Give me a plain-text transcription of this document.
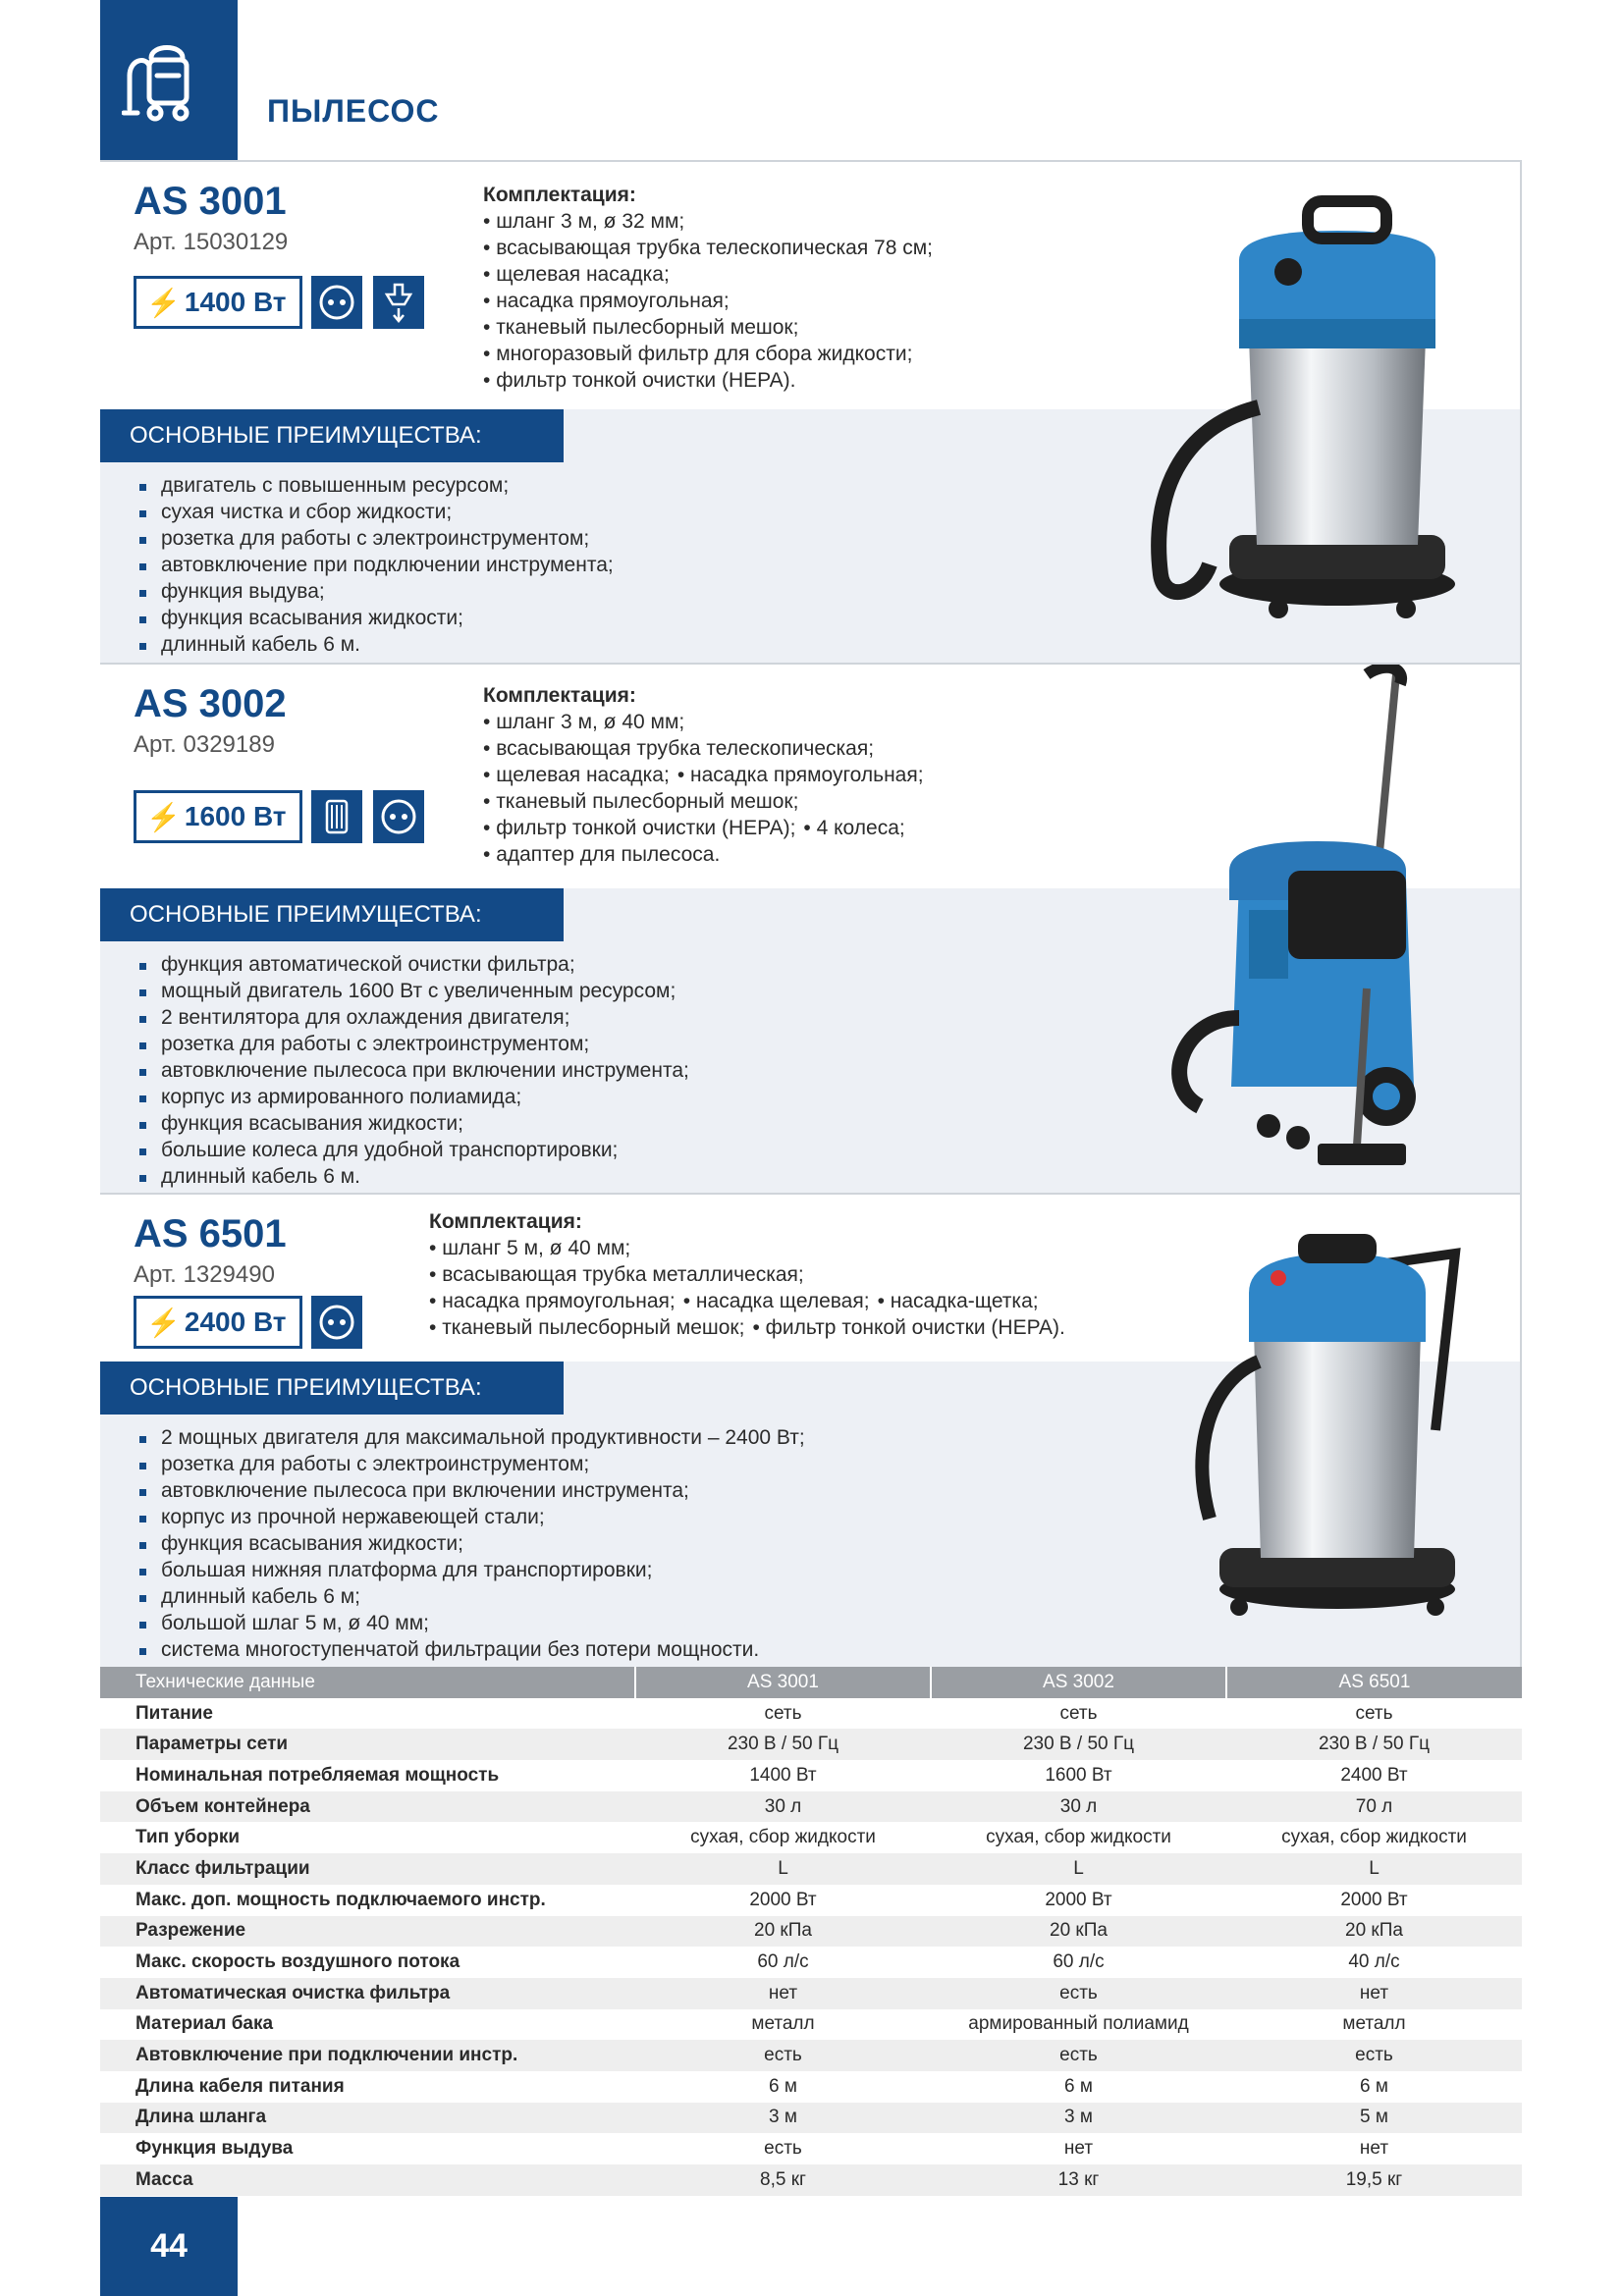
ПЫЛЕСОС
AS 3001
Арт. 15030129
⚡ 1400 Вт
Комплектация:
• шланг 3 м, ø 32 мм;
• всасывающая трубка телескопическая 78 см;
• щелевая насадка;
• насадка прямоугольная;
• тканевый пылесборный мешок;
• многоразовый фильтр для сбора жидкости;
• фильтр тонкой очистки (HEPA).
ОСНОВНЫЕ ПРЕИМУЩЕСТВА:
двигатель с повышенным ресурсом;
сухая чистка и сбор жидкости;
розетка для работы с электроинструментом;
автовключение при подключении инструмента;
функция выдува;
функция всасывания жидкости;
длинный кабель 6 м.
AS 3002
Арт. 0329189
⚡ 1600 Вт
Комплектация:
• шланг 3 м, ø 40 мм;
• всасывающая трубка телескопическая;
• щелевая насадка; • насадка прямоугольная;
• тканевый пылесборный мешок;
• фильтр тонкой очистки (HEPA); • 4 колеса;
• адаптер для пылесоса.
ОСНОВНЫЕ ПРЕИМУЩЕСТВА:
функция автоматической очистки фильтра;
мощный двигатель 1600 Вт с увеличенным ресурсом;
2 вентилятора для охлаждения двигателя;
розетка для работы с электроинструментом;
автовключение пылесоса при включении инструмента;
корпус из армированного полиамида;
функция всасывания жидкости;
большие колеса для удобной транспортировки;
длинный кабель 6 м.
AS 6501
Арт. 1329490
⚡ 2400 Вт
Комплектация:
• шланг 5 м, ø 40 мм;
• всасывающая трубка металлическая;
• насадка прямоугольная; • насадка щелевая; • насадка-щетка;
• тканевый пылесборный мешок; • фильтр тонкой очистки (HEPA).
ОСНОВНЫЕ ПРЕИМУЩЕСТВА:
2 мощных двигателя для максимальной продуктивности – 2400 Вт;
розетка для работы с электроинструментом;
автовключение пылесоса при включении инструмента;
корпус из прочной нержавеющей стали;
функция всасывания жидкости;
большая нижняя платформа для транспортировки;
длинный кабель 6 м;
большой шлаг 5 м, ø 40 мм;
система многоступенчатой фильтрации без потери мощности.
Технические данные	AS 3001	AS 3002	AS 6501
Питание	сеть	сеть	сеть
Параметры сети	230 В / 50 Гц	230 В / 50 Гц	230 В / 50 Гц
Номинальная потребляемая мощность	1400 Вт	1600 Вт	2400 Вт
Объем контейнера	30 л	30 л	70 л
Тип уборки	сухая, сбор жидкости	сухая, сбор жидкости	сухая, сбор жидкости
Класс фильтрации	L	L	L
Макс. доп. мощность подключаемого инстр.	2000 Вт	2000 Вт	2000 Вт
Разрежение	20 кПа	20 кПа	20 кПа
Макс. скорость воздушного потока	60 л/с	60 л/с	40 л/с
Автоматическая очистка фильтра	нет	есть	нет
Материал бака	металл	армированный полиамид	металл
Автовключение при подключении инстр.	есть	есть	есть
Длина кабеля питания	6 м	6 м	6 м
Длина шланга	3 м	3 м	5 м
Функция выдува	есть	нет	нет
Масса	8,5 кг	13 кг	19,5 кг
44
